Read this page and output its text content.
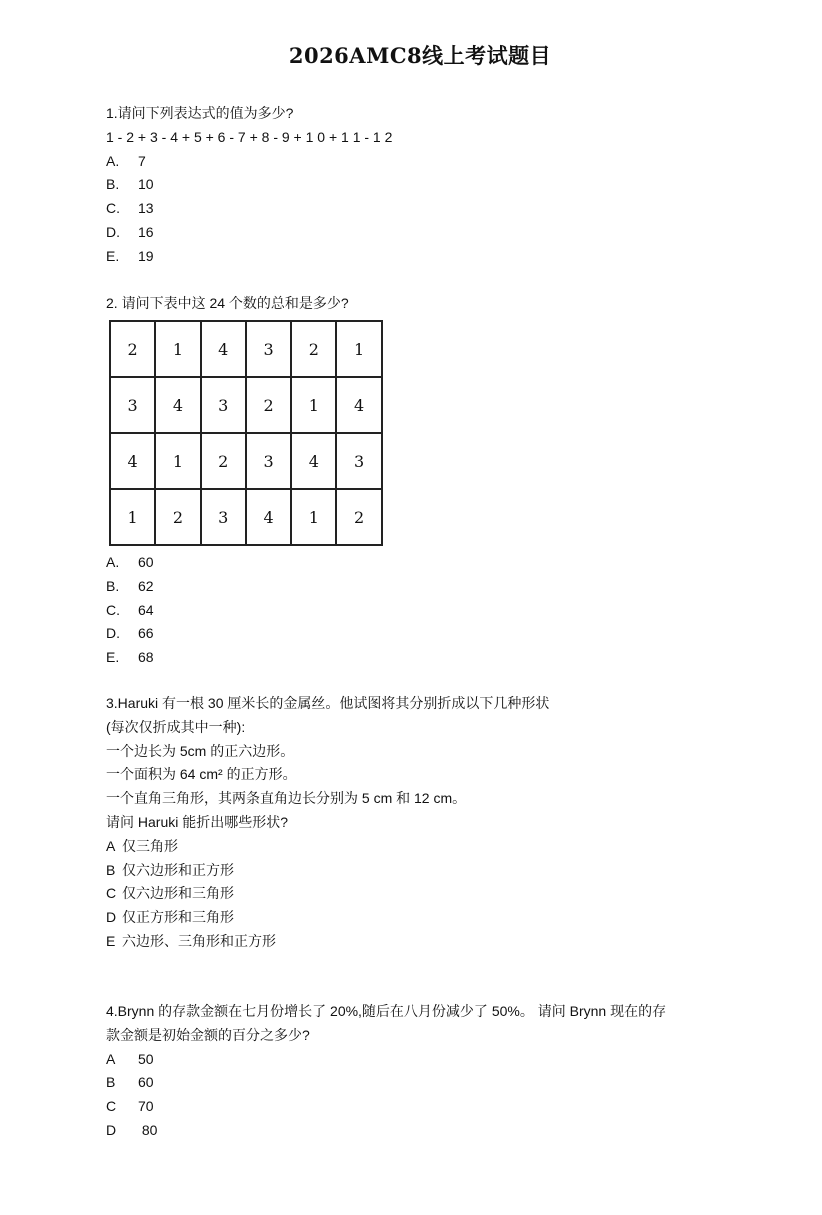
2026AMC8线上考试题目
1.请问下列表达式的值为多少?
1 - 2 + 3 - 4 + 5 + 6 - 7 + 8 - 9 + 1 0 + 1 1 - 1 2
A. 7
B. 10
C. 13
D. 16
E. 19
2. 请问下表中这 24 个数的总和是多少?
2	1	4	3	2	1
3	4	3	2	1	4
4	1	2	3	4	3
1	2	3	4	1	2
A. 60
B. 62
C. 64
D. 66
E. 68
3.Haruki 有一根 30 厘米长的金属丝。他试图将其分别折成以下几种形状
(每次仅折成其中一种):
一个边长为 5cm 的正六边形。
一个面积为 64 cm² 的正方形。
一个直角三角形，其两条直角边长分别为 5 cm 和 12 cm。
请问 Haruki 能折出哪些形状?
A 仅三角形
B 仅六边形和正方形
C 仅六边形和三角形
D 仅正方形和三角形
E 六边形、三角形和正方形
4.Brynn 的存款金额在七月份增长了 20%,随后在八月份减少了 50%。 请问 Brynn 现在的存
款金额是初始金额的百分之多少?
A 50
B 60
C 70
D 80
